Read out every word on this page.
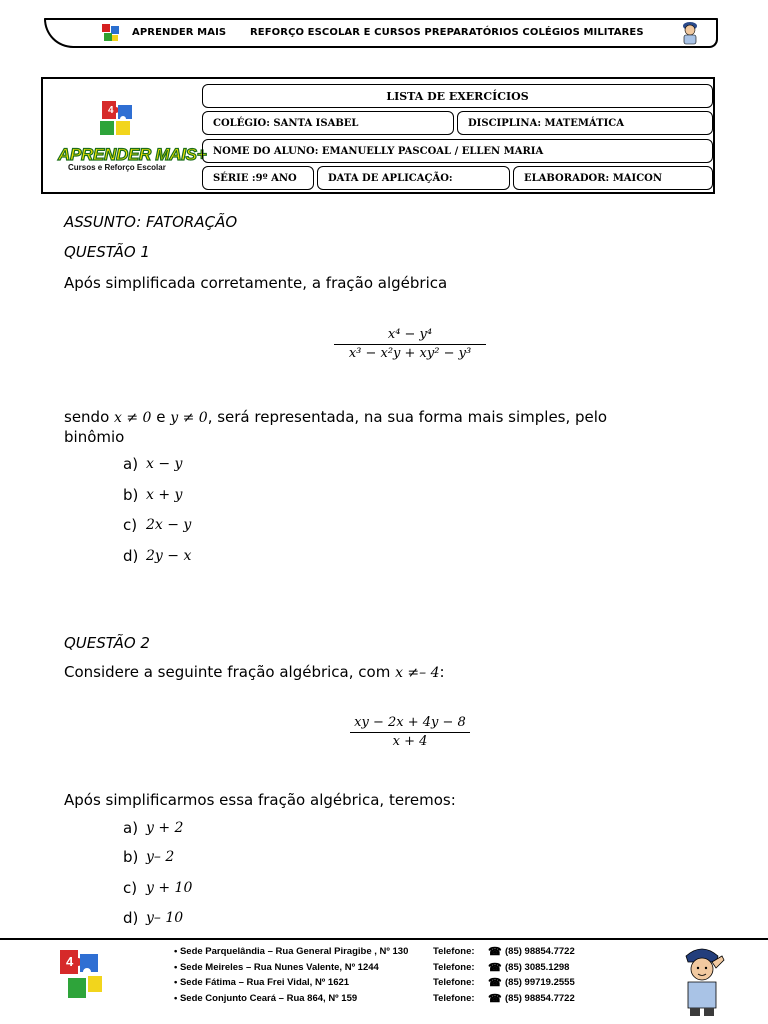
APRENDER MAIS REFORÇO ESCOLAR E CURSOS PREPARATÓRIOS COLÉGIOS MILITARES
4
APRENDER MAIS+
Cursos e Reforço Escolar
LISTA DE EXERCÍCIOS
COLÉGIO: SANTA ISABEL	DISCIPLINA: MATEMÁTICA
NOME DO ALUNO: EMANUELLY PASCOAL / ELLEN MARIA
SÉRIE :9º ANO	DATA DE APLICAÇÃO:	ELABORADOR: MAICON
ASSUNTO: FATORAÇÃO
QUESTÃO 1
Após simplificada corretamente, a fração algébrica
x⁴ − y⁴
x³ − x²y + xy² − y³
sendo x ≠ 0 e y ≠ 0, será representada, na sua forma mais simples, pelo
binômio
a) x − y
b) x + y
c) 2x − y
d) 2y − x
QUESTÃO 2
Considere a seguinte fração algébrica, com x ≠– 4:
xy − 2x + 4y − 8
x + 4
Após simplificarmos essa fração algébrica, teremos:
a) y + 2
b) y– 2
c) y + 10
d) y– 10
4
• Sede Parquelândia – Rua General Piragibe , Nº 130	Telefone: ☎ (85) 98854.7722
• Sede Meireles – Rua Nunes Valente, Nº 1244	Telefone: ☎ (85) 3085.1298
• Sede Fátima – Rua Frei Vidal, Nº 1621	Telefone: ☎ (85) 99719.2555
• Sede Conjunto Ceará – Rua 864, Nº 159	Telefone: ☎ (85) 98854.7722
